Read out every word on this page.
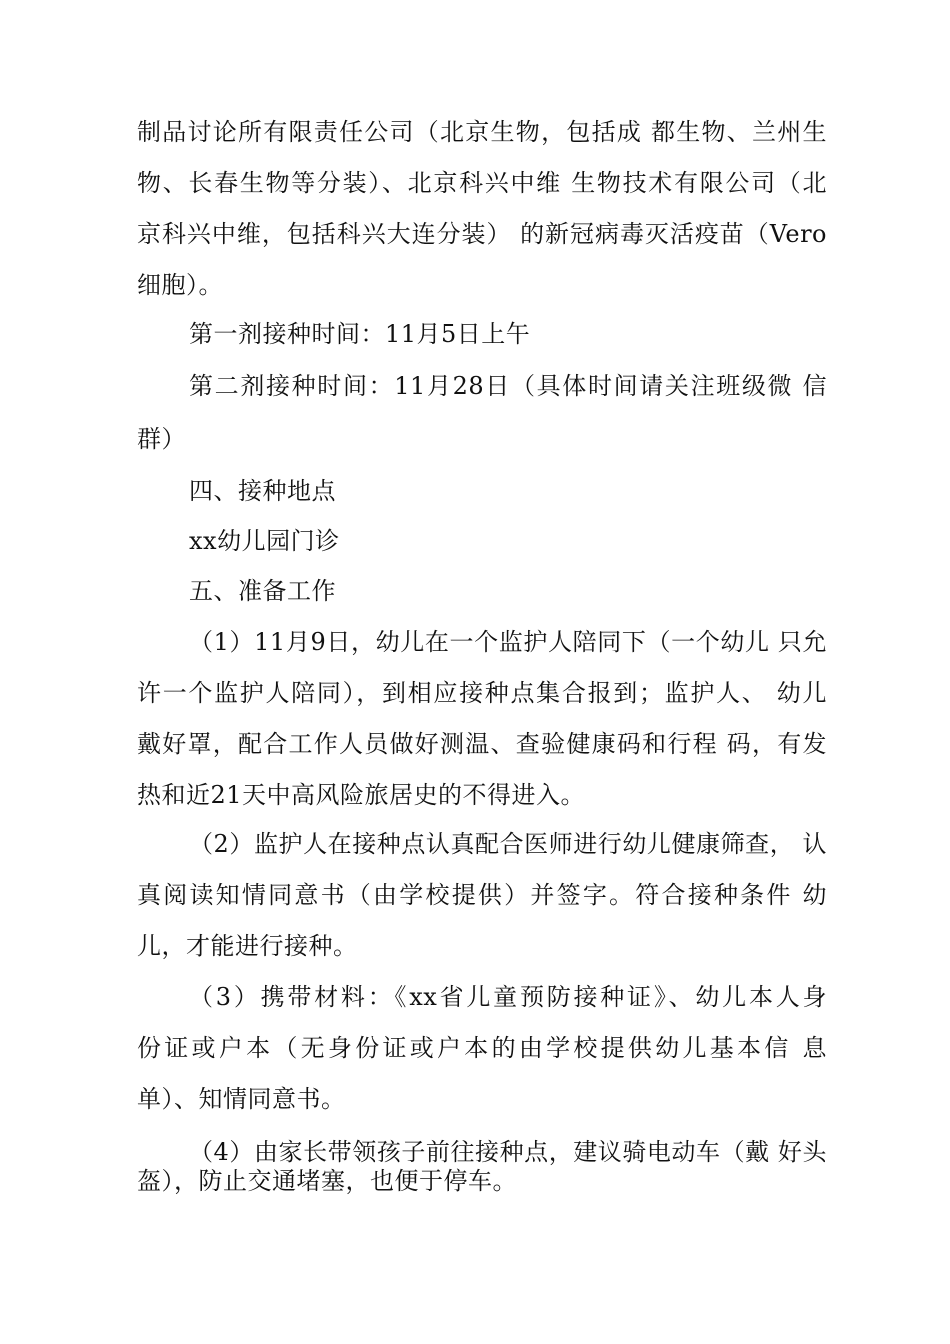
制品讨论所有限责任公司（北京生物，包括成 都生物、兰州生
物、长春生物等分装）、北京科兴中维 生物技术有限公司（北
京科兴中维，包括科兴大连分装） 的新冠病毒灭活疫苗（Vero
细胞）。
第一剂接种时间：11月5日上午
第二剂接种时间：11月28日（具体时间请关注班级微 信
群）
四、接种地点
xx幼儿园门诊
五、准备工作
（1）11月9日，幼儿在一个监护人陪同下（一个幼儿 只允
许一个监护人陪同），到相应接种点集合报到；监护人、 幼儿
戴好罩，配合工作人员做好测温、查验健康码和行程 码，有发
热和近21天中高风险旅居史的不得进入。
（2）监护人在接种点认真配合医师进行幼儿健康筛查， 认
真阅读知情同意书（由学校提供）并签字。符合接种条件 幼
儿，才能进行接种。
（3）携带材料：《xx省儿童预防接种证》、幼儿本人身
份证或户本（无身份证或户本的由学校提供幼儿基本信 息
单）、知情同意书。
（4）由家长带领孩子前往接种点，建议骑电动车（戴 好头
盔），防止交通堵塞，也便于停车。
